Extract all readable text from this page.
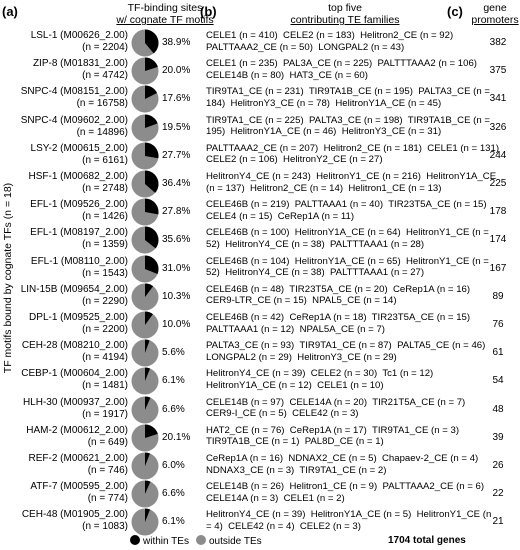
(a)	(b)	(c)
TF-binding sites
w/ cognate TF motifs
top five
contributing TE families
gene
promoters
TF motifs bound by cognate TFs (n = 18)
LSL-1 (M00626_2.00)
(n = 2204)	38.9%
CELE1 (n = 410)  CELE2 (n = 183)  Helitron2_CE (n = 92)
PALTTAAA2_CE (n = 50)  LONGPAL2 (n = 43)	382
ZIP-8 (M01831_2.00)
(n = 4742)	20.0%
CELE1 (n = 235)  PAL3A_CE (n = 225)  PALTTTAAA2 (n = 106)
CELE14B (n = 80)  HAT3_CE (n = 60)	375
SNPC-4 (M08151_2.00)
(n = 16758)	17.6%
TIR9TA1_CE (n = 231)  TIR9TA1B_CE (n = 195)  PALTA3_CE (n =
184)  HelitronY3_CE (n = 78)  HelitronY1A_CE (n = 45)	341
SNPC-4 (M09602_2.00)
(n = 14896)	19.5%
TIR9TA1_CE (n = 225)  PALTA3_CE (n = 198)  TIR9TA1B_CE (n =
195)  HelitronY1A_CE (n = 46)  HelitronY3_CE (n = 31)	326
LSY-2 (M00615_2.00)
(n = 6161)	27.7%
PALTTAAA2_CE (n = 207)  Helitron2_CE (n = 181)  CELE1 (n = 131)
CELE2 (n = 106)  HelitronY2_CE (n = 27)	244
HSF-1 (M00682_2.00)
(n = 2748)	36.4%
HelitronY4_CE (n = 243)  HelitronY1_CE (n = 216)  HelitronY1A_CE
(n = 137)  Helitron2_CE (n = 14)  Helitron1_CE (n = 13)	225
EFL-1 (M09526_2.00)
(n = 1426)	27.8%
CELE46B (n = 219)  PALTTAAA1 (n = 40)  TIR23T5A_CE (n = 15)
CELE4 (n = 15)  CeRep1A (n = 11)	178
EFL-1 (M08197_2.00)
(n = 1359)	35.6%
CELE46B (n = 100)  HelitronY1A_CE (n = 64)  HelitronY1_CE (n =
52)  HelitronY4_CE (n = 38)  PALTTTAAA1 (n = 28)	174
EFL-1 (M08110_2.00)
(n = 1543)	31.0%
CELE46B (n = 104)  HelitronY1A_CE (n = 65)  HelitronY1_CE (n =
52)  HelitronY4_CE (n = 38)  PALTTTAAA1 (n = 27)	167
LIN-15B (M09654_2.00)
(n = 2290)	10.3%
CELE46B (n = 48)  TIR23T5A_CE (n = 20)  CeRep1A (n = 16)
CER9-LTR_CE (n = 15)  NPAL5_CE (n = 14)	89
DPL-1 (M09525_2.00)
(n = 2200)	10.0%
CELE46B (n = 42)  CeRep1A (n = 18)  TIR23T5A_CE (n = 15)
PALTTAAA1 (n = 12)  NPAL5A_CE (n = 7)	76
CEH-28 (M08210_2.00)
(n = 4194)	5.6%
PALTA3_CE (n = 93)  TIR9TA1_CE (n = 87)  PALTA5_CE (n = 46)
LONGPAL2 (n = 29)  HelitronY3_CE (n = 29)	61
CEBP-1 (M00604_2.00)
(n = 1481)	6.1%
HelitronY4_CE (n = 39)  CELE2 (n = 30)  Tc1 (n = 12)
HelitronY1A_CE (n = 12)  CELE1 (n = 10)	54
HLH-30 (M00937_2.00)
(n = 1917)	6.6%
CELE14B (n = 97)  CELE14A (n = 20)  TIR21T5A_CE (n = 7)
CER9-I_CE (n = 5)  CELE42 (n = 3)	48
HAM-2 (M00612_2.00)
(n = 649)	20.1%
HAT2_CE (n = 76)  CeRep1A (n = 17)  TIR9TA1_CE (n = 3)
TIR9TA1B_CE (n = 1)  PAL8D_CE (n = 1)	39
REF-2 (M00621_2.00)
(n = 746)	6.0%
CeRep1A (n = 16)  NDNAX2_CE (n = 5)  Chapaev-2_CE (n = 4)
NDNAX3_CE (n = 3)  TIR9TA1_CE (n = 2)	26
ATF-7 (M00595_2.00)
(n = 774)	6.6%
CELE14B (n = 26)  Helitron1_CE (n = 9)  PALTTAAA2_CE (n = 6)
CELE14A (n = 3)  CELE1 (n = 2)	22
CEH-48 (M01905_2.00)
(n = 1083)	6.1%
HelitronY4_CE (n = 39)  HelitronY1A_CE (n = 5)  HelitronY1_CE (n
= 4)  CELE42 (n = 4)  CELE2 (n = 3)	21
within TEs	outside TEs	1704 total genes
